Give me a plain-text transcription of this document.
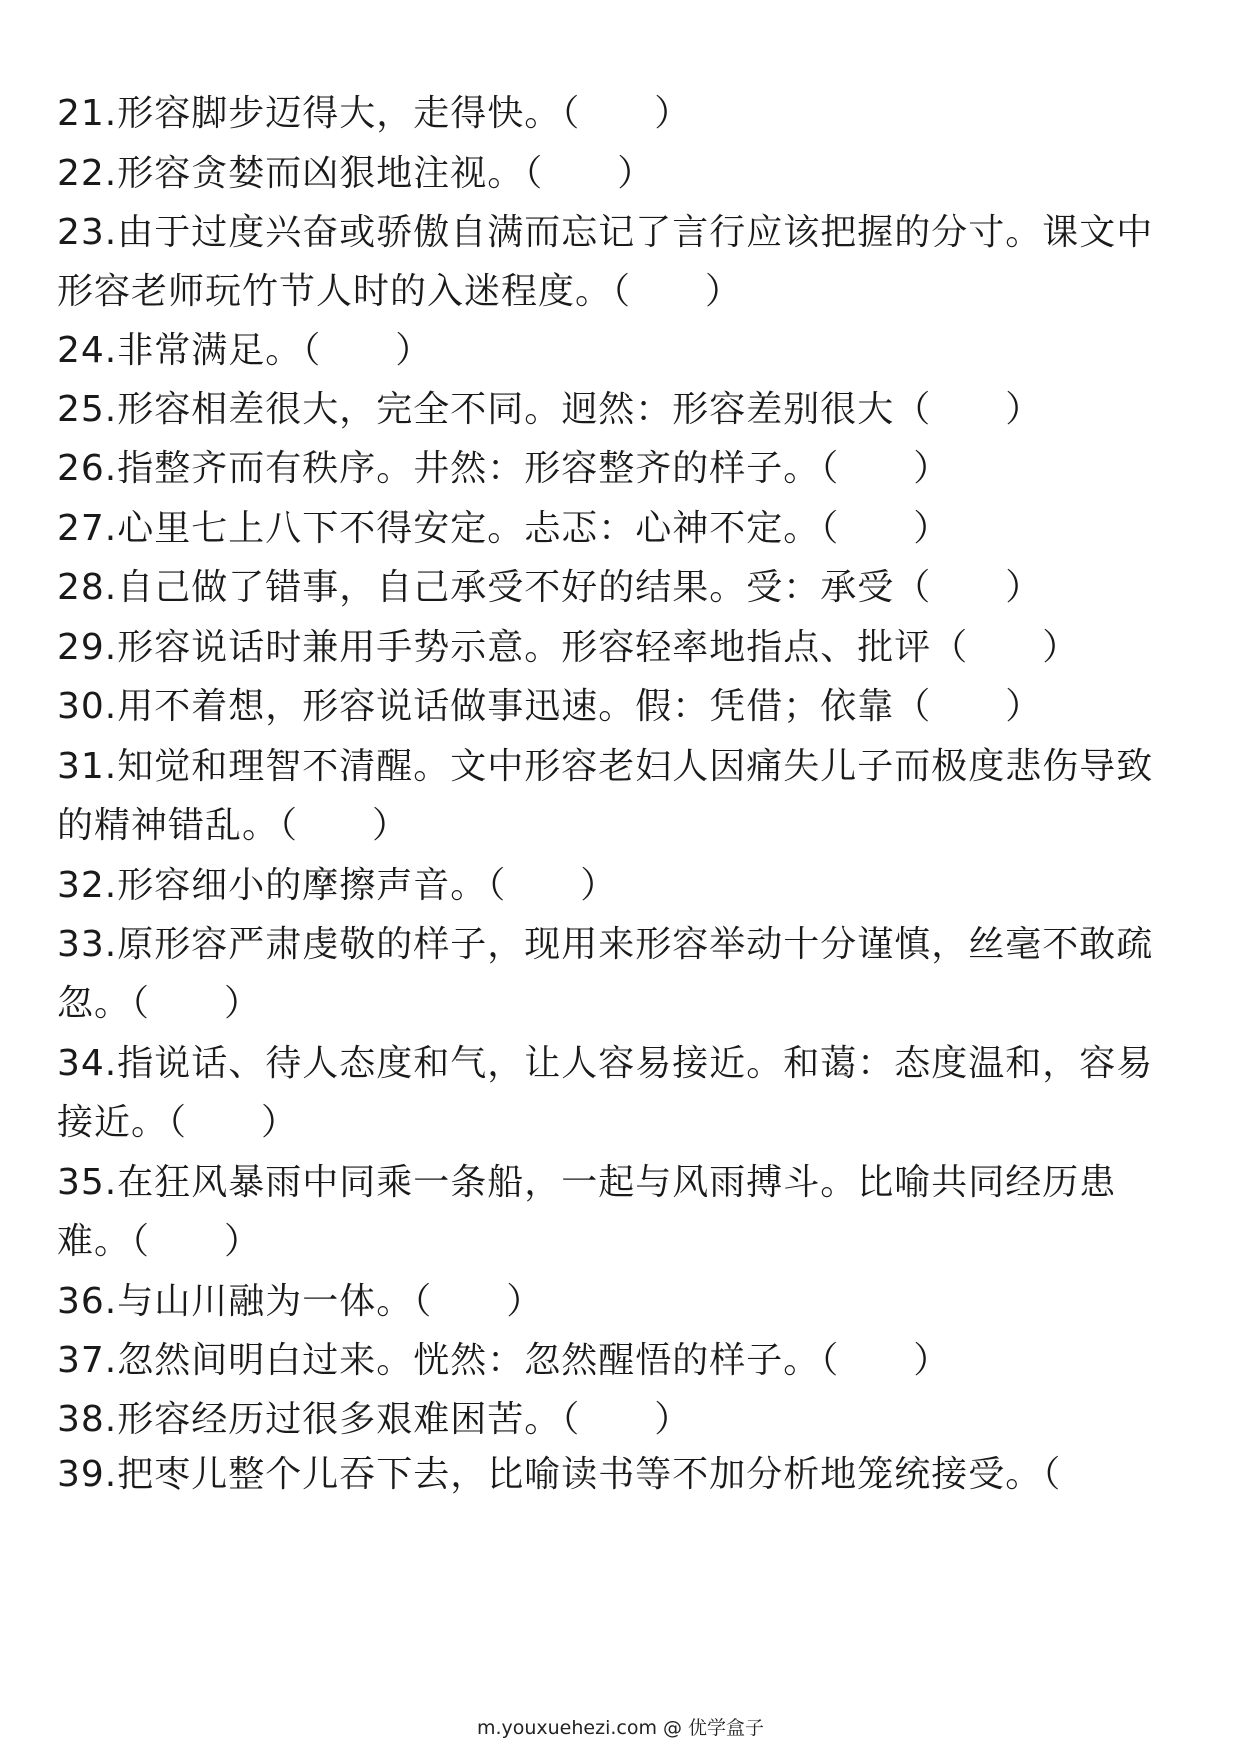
21.形容脚步迈得大，走得快。（　　）
22.形容贪婪而凶狠地注视。（　　）
23.由于过度兴奋或骄傲自满而忘记了言行应该把握的分寸。课文中
形容老师玩竹节人时的入迷程度。（　　）
24.非常满足。（　　）
25.形容相差很大，完全不同。迥然：形容差别很大（　　）
26.指整齐而有秩序。井然：形容整齐的样子。（　　）
27.心里七上八下不得安定。忐忑：心神不定。（　　）
28.自己做了错事，自己承受不好的结果。受：承受（　　）
29.形容说话时兼用手势示意。形容轻率地指点、批评（　　）
30.用不着想，形容说话做事迅速。假：凭借；依靠（　　）
31.知觉和理智不清醒。文中形容老妇人因痛失儿子而极度悲伤导致
的精神错乱。（　　）
32.形容细小的摩擦声音。（　　）
33.原形容严肃虔敬的样子，现用来形容举动十分谨慎，丝毫不敢疏
忽。（　　）
34.指说话、待人态度和气，让人容易接近。和蔼：态度温和，容易
接近。（　　）
35.在狂风暴雨中同乘一条船，一起与风雨搏斗。比喻共同经历患
难。（　　）
36.与山川融为一体。（　　）
37.忽然间明白过来。恍然：忽然醒悟的样子。（　　）
38.形容经历过很多艰难困苦。（　　）
39.把枣儿整个儿吞下去，比喻读书等不加分析地笼统接受。（
m.youxuehezi.com @ 优学盒子
